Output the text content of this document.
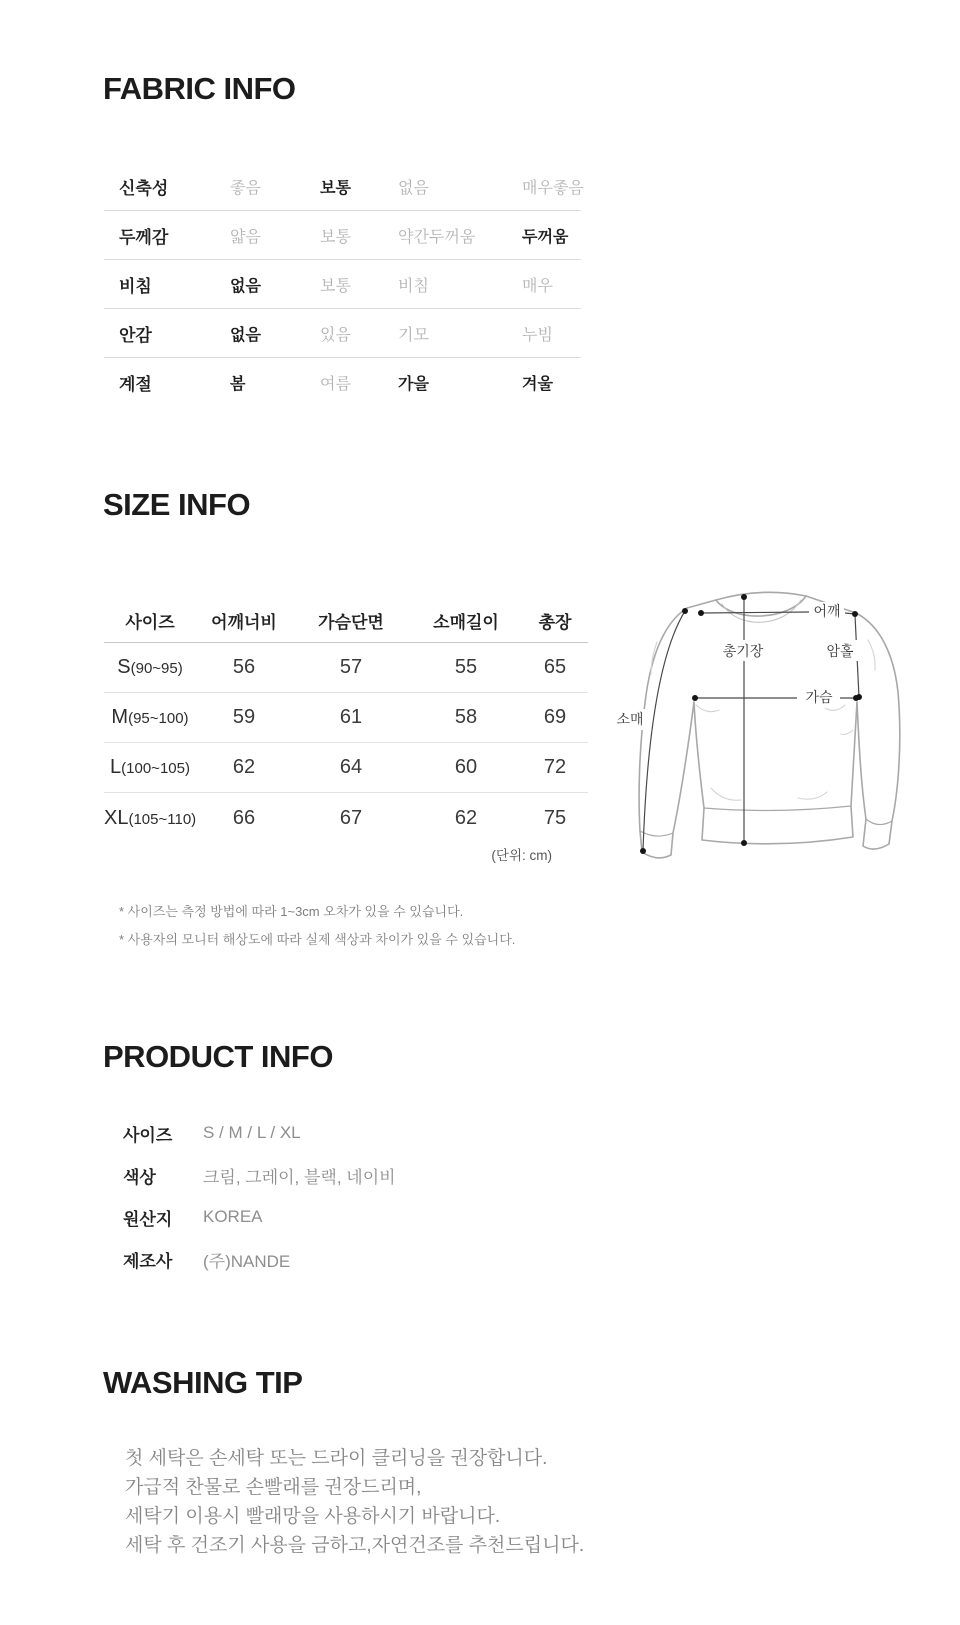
FABRIC INFO
신축성	좋음	보통	없음	매우좋음
두께감	얇음	보통	약간두꺼움	두꺼움
비침	없음	보통	비침	매우
안감	없음	있음	기모	누빔
계절	봄	여름	가을	겨울
SIZE INFO
사이즈	어깨너비	가슴단면	소매길이	총장
S(90~95)	56	57	55	65
M(95~100)	59	61	58	69
L(100~105)	62	64	60	72
XL(105~110)	66	67	62	75
(단위: cm)
* 사이즈는 측정 방법에 따라 1~3cm 오차가 있을 수 있습니다.
* 사용자의 모니터 해상도에 따라 실제 색상과 차이가 있을 수 있습니다.
어깨
총기장	암홀
가슴
소매
PRODUCT INFO
사이즈	S / M / L / XL
색상	크림, 그레이, 블랙, 네이비
원산지	KOREA
제조사	(주)NANDE
WASHING TIP
첫 세탁은 손세탁 또는 드라이 클리닝을 권장합니다.
가급적 찬물로 손빨래를 권장드리며,
세탁기 이용시 빨래망을 사용하시기 바랍니다.
세탁 후 건조기 사용을 금하고,자연건조를 추천드립니다.
